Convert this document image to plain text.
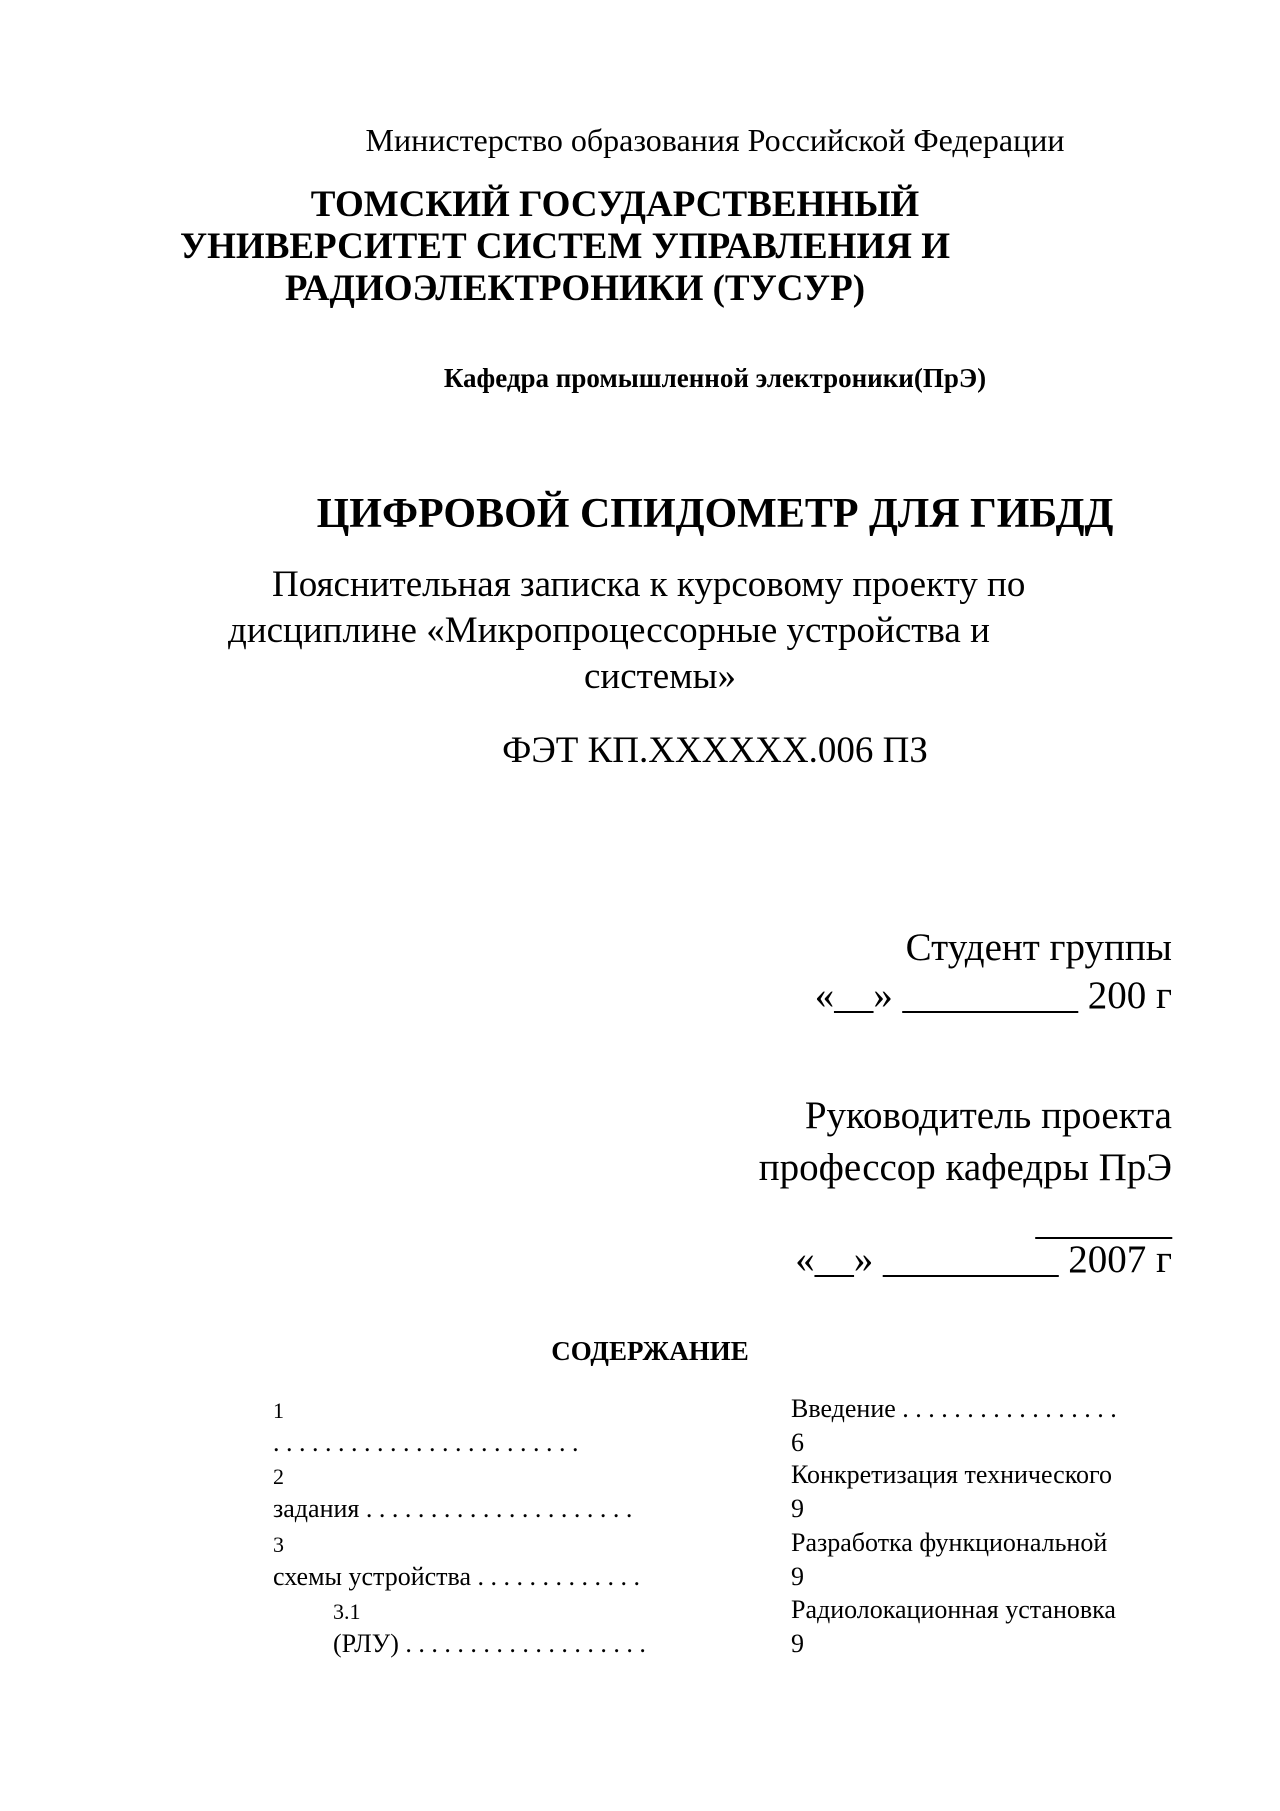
Министерство образования Российской Федерации
ТОМСКИЙ ГОСУДАРСТВЕННЫЙ
УНИВЕРСИТЕТ СИСТЕМ УПРАВЛЕНИЯ И
РАДИОЭЛЕКТРОНИКИ (ТУСУР)
Кафедра промышленной электроники(ПрЭ)
ЦИФРОВОЙ СПИДОМЕТР ДЛЯ ГИБДД
Пояснительная записка к курсовому проекту по
дисциплине «Микропроцессорные устройства и
системы»
ФЭТ КП.XXXXXX.006 ПЗ
Студент группы
«__» _________ 200 г
Руководитель проекта
профессор кафедры ПрЭ
_______
«__» _________ 2007 г
СОДЕРЖАНИЕ
1
. . . . . . . . . . . . . . . . . . . . . . . .
Введение . . . . . . . . . . . . . . . . .
6
2
задания . . . . . . . . . . . . . . . . . . . . .
Конкретизация технического
9
3
схемы устройства . . . . . . . . . . . . .
Разработка функциональной
9
3.1
(РЛУ) . . . . . . . . . . . . . . . . . . .
Радиолокационная установка
9
